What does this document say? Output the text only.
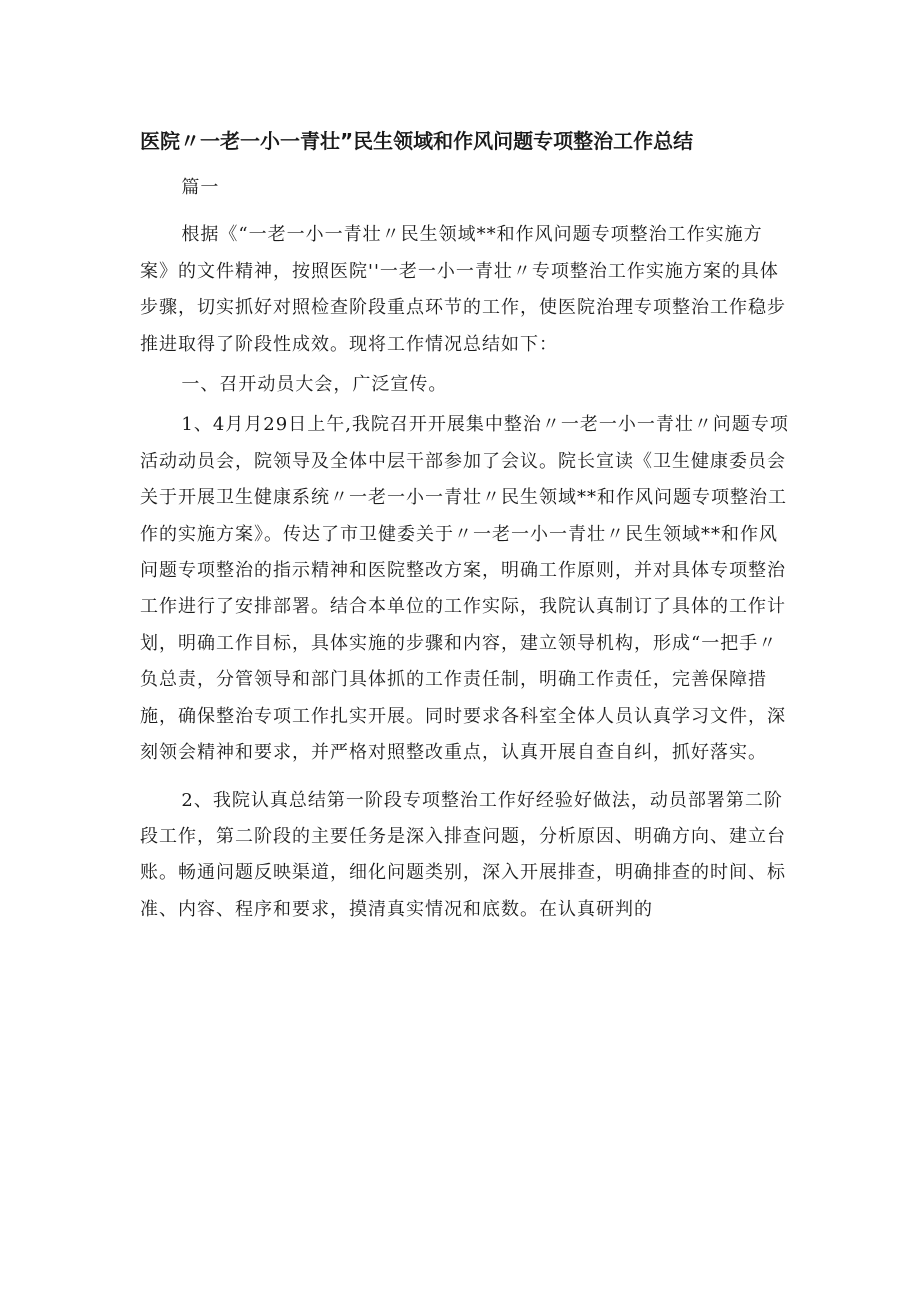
医院〃一老一小一青壮”民生领域和作风问题专项整治工作总结

篇一

根据《“一老一小一青壮〃民生领域**和作风问题专项整治工作实施方案》的文件精神，按照医院''一老一小一青壮〃专项整治工作实施方案的具体步骤，切实抓好对照检查阶段重点环节的工作，使医院治理专项整治工作稳步推进取得了阶段性成效。现将工作情况总结如下：

一、召开动员大会，广泛宣传。

1、4月月29日上午,我院召开开展集中整治〃一老一小一青壮〃问题专项活动动员会，院领导及全体中层干部参加了会议。院长宣读《卫生健康委员会关于开展卫生健康系统〃一老一小一青壮〃民生领域**和作风问题专项整治工作的实施方案》。传达了市卫健委关于〃一老一小一青壮〃民生领域**和作风问题专项整治的指示精神和医院整改方案，明确工作原则，并对具体专项整治工作进行了安排部署。结合本单位的工作实际，我院认真制订了具体的工作计划，明确工作目标，具体实施的步骤和内容，建立领导机构，形成“一把手〃负总责，分管领导和部门具体抓的工作责任制，明确工作责任，完善保障措施，确保整治专项工作扎实开展。同时要求各科室全体人员认真学习文件，深刻领会精神和要求，并严格对照整改重点，认真开展自查自纠，抓好落实。

2、我院认真总结第一阶段专项整治工作好经验好做法，动员部署第二阶段工作，第二阶段的主要任务是深入排查问题，分析原因、明确方向、建立台账。畅通问题反映渠道，细化问题类别，深入开展排查，明确排查的时间、标准、内容、程序和要求，摸清真实情况和底数。在认真研判的
